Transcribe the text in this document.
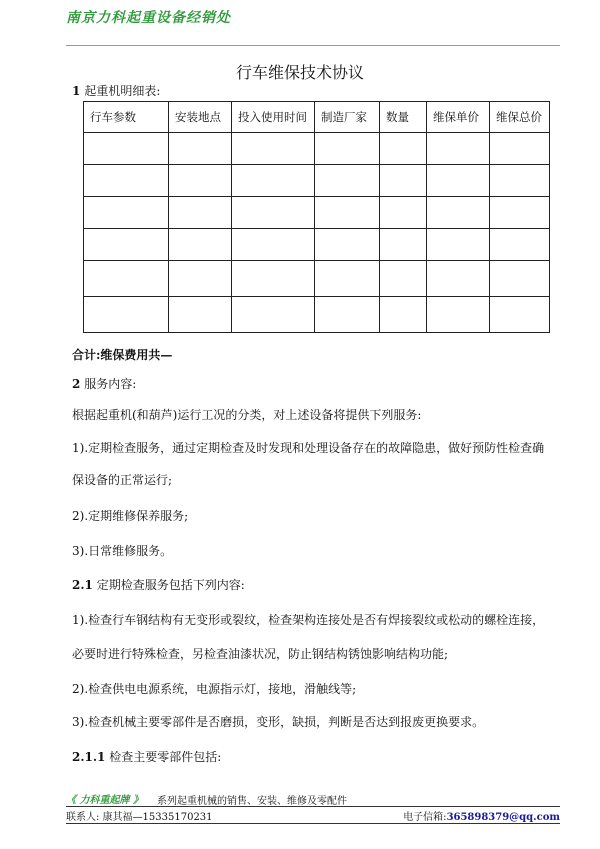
南京力科起重设备经销处
行车维保技术协议

1 起重机明细表:

行车参数	安装地点	投入使用时间	制造厂家	数量	维保单价	维保总价

合计:维保费用共—

2 服务内容:

根据起重机(和葫芦)运行工况的分类，对上述设备将提供下列服务:

1).定期检查服务，通过定期检查及时发现和处理设备存在的故障隐患，做好预防性检查确

保设备的正常运行;

2).定期维修保养服务;

3).日常维修服务。

2.1 定期检查服务包括下列内容:

1).检查行车钢结构有无变形或裂纹，检查架构连接处是否有焊接裂纹或松动的螺栓连接，

必要时进行特殊检查，另检查油漆状况，防止钢结构锈蚀影响结构功能;

2).检查供电电源系统，电源指示灯，接地，滑触线等;

3).检查机械主要零部件是否磨损，变形，缺损，判断是否达到报废更换要求。

2.1.1 检查主要零部件包括:

《 力科重起牌 》 系列起重机械的销售、安装、维修及零配件
联系人: 康其福—15335170231	电子信箱:365898379@qq.com
